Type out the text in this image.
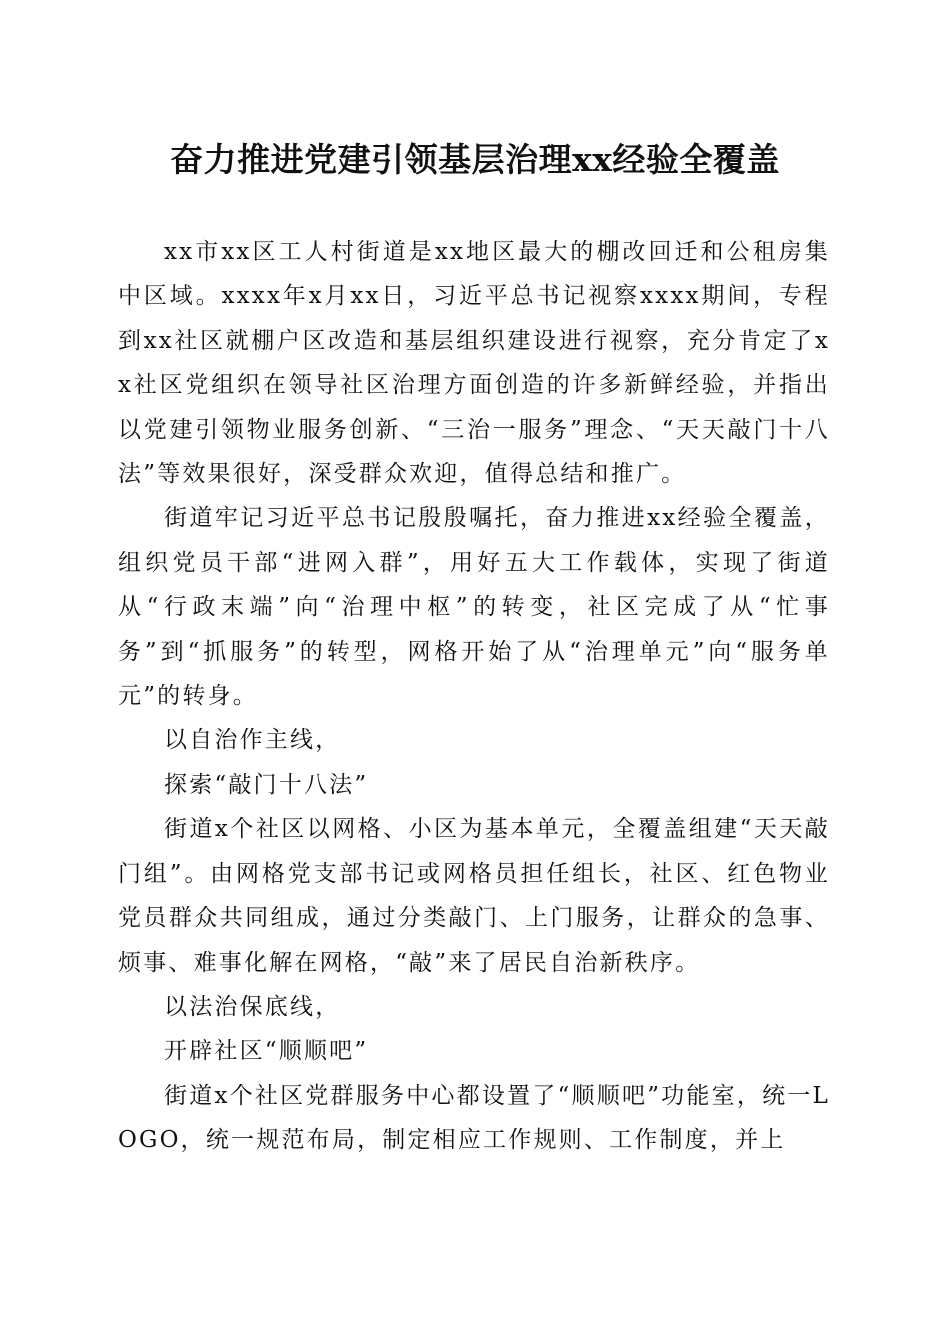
奋力推进党建引领基层治理xx经验全覆盖

xx市xx区工人村街道是xx地区最大的棚改回迁和公租房集中区域。xxxx年x月xx日，习近平总书记视察xxxx期间，专程到xx社区就棚户区改造和基层组织建设进行视察，充分肯定了xx社区党组织在领导社区治理方面创造的许多新鲜经验，并指出以党建引领物业服务创新、“三治一服务”理念、“天天敲门十八法”等效果很好，深受群众欢迎，值得总结和推广。

街道牢记习近平总书记殷殷嘱托，奋力推进xx经验全覆盖，组织党员干部“进网入群”，用好五大工作载体，实现了街道从“行政末端”向“治理中枢”的转变，社区完成了从“忙事务”到“抓服务”的转型，网格开始了从“治理单元”向“服务单元”的转身。

以自治作主线，

探索“敲门十八法”

街道x个社区以网格、小区为基本单元，全覆盖组建“天天敲门组”。由网格党支部书记或网格员担任组长，社区、红色物业党员群众共同组成，通过分类敲门、上门服务，让群众的急事、烦事、难事化解在网格，“敲”来了居民自治新秩序。

以法治保底线，

开辟社区“顺顺吧”

街道x个社区党群服务中心都设置了“顺顺吧”功能室，统一LOGO，统一规范布局，制定相应工作规则、工作制度，并上
